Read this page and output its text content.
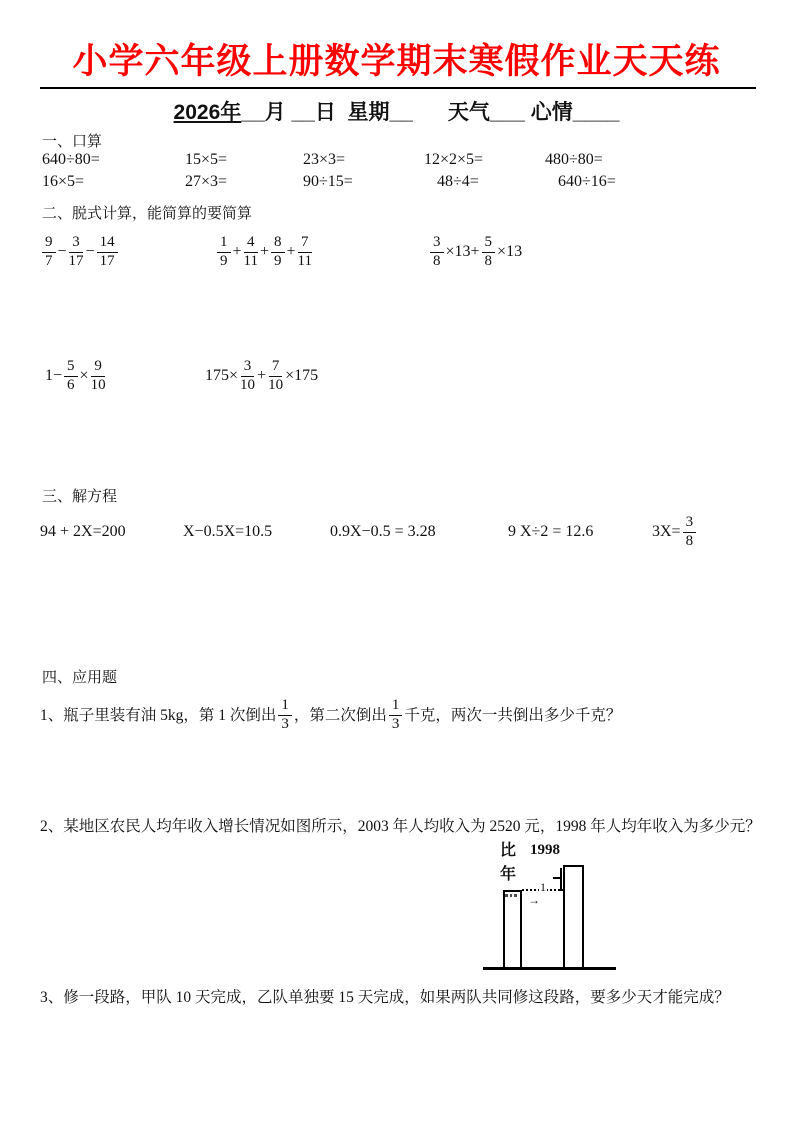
小学六年级上册数学期末寒假作业天天练
2026年__月 __日  星期__      天气___ 心情____
一、口算
640÷80=	15×5=	23×3=	12×2×5=	480÷80=
16×5=	27×3=	90÷15=	48÷4=	640÷16=
二、脱式计算，能简算的要简算
$\frac{9}{7} - \frac{3}{17} - \frac{14}{17}$	$\frac{1}{9} + \frac{4}{11} + \frac{8}{9} + \frac{7}{11}$	$\frac{3}{8} \times 13+ \frac{5}{8} \times 13$
$1- \frac{5}{6} \times \frac{9}{10}$	$175\times \frac{3}{10} + \frac{7}{10} \times 175$
三、解方程
94 + 2X=200	X−0.5X=10.5	0.9X−0.5 = 3.28	9 X÷2 = 12.6	$3X= \frac{3}{8}$
四、应用题
1、瓶子里装有油 5kg，第 1 次倒出 $\frac{1}{3}$ ，第二次倒出 $\frac{1}{3}$ 千克，两次一共倒出多少千克？
2、某地区农民人均年收入增长情况如图所示，2003 年人均收入为 2520 元，1998 年人均年收入为多少元？
3、修一段路，甲队 10 天完成，乙队单独要 15 天完成，如果两队共同修这段路，要多少天才能完成？
比 1998
年
1
→
